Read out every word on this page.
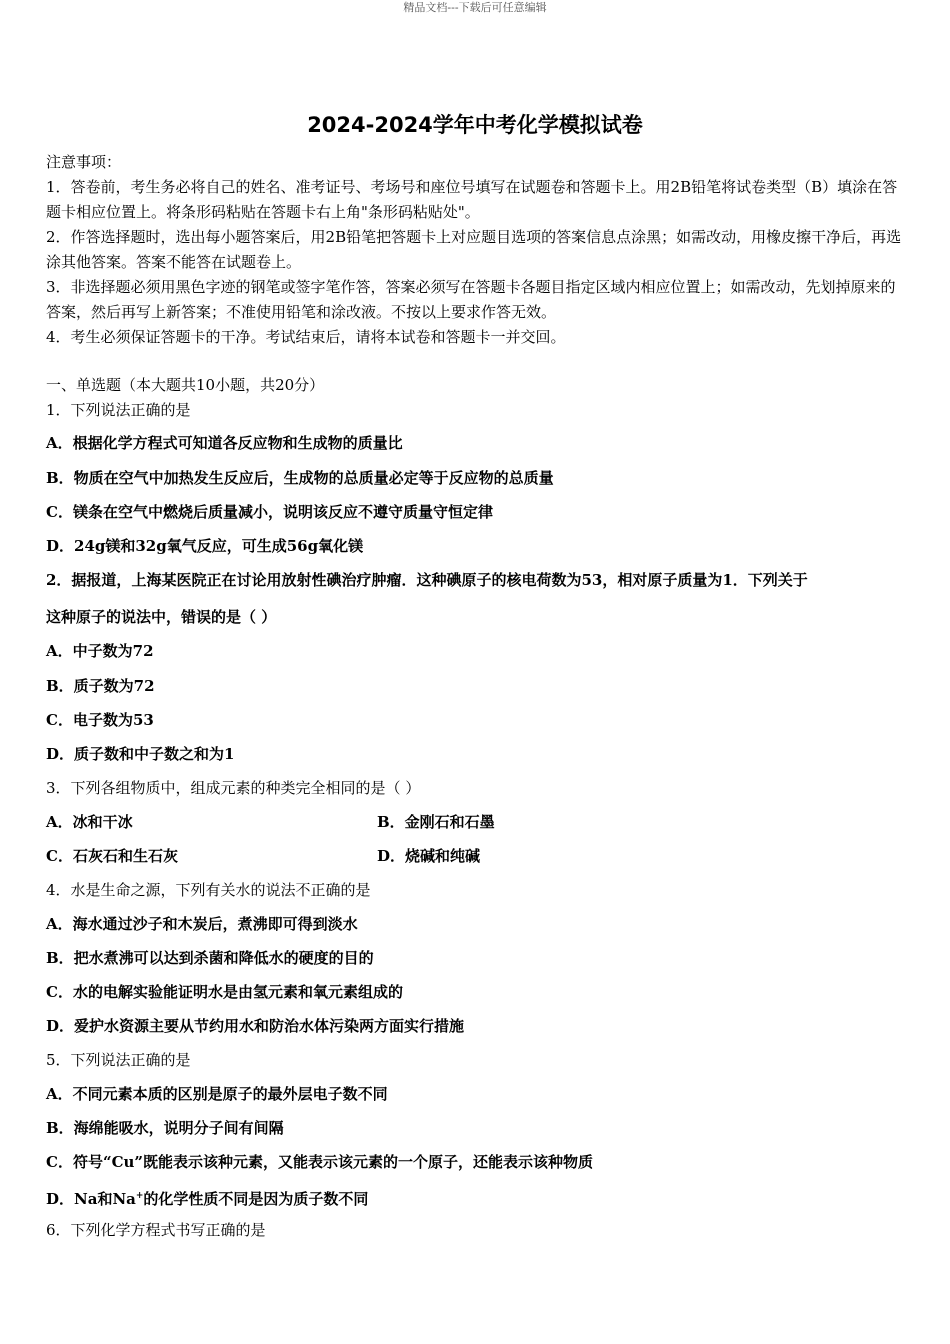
精品文档---下载后可任意编辑
2024-2024学年中考化学模拟试卷

注意事项：

1．答卷前，考生务必将自己的姓名、准考证号、考场号和座位号填写在试题卷和答题卡上。用2B铅笔将试卷类型（B）填涂在答题卡相应位置上。将条形码粘贴在答题卡右上角"条形码粘贴处"。

2．作答选择题时，选出每小题答案后，用2B铅笔把答题卡上对应题目选项的答案信息点涂黑；如需改动，用橡皮擦干净后，再选涂其他答案。答案不能答在试题卷上。

3．非选择题必须用黑色字迹的钢笔或签字笔作答，答案必须写在答题卡各题目指定区域内相应位置上；如需改动，先划掉原来的答案，然后再写上新答案；不准使用铅笔和涂改液。不按以上要求作答无效。

4．考生必须保证答题卡的干净。考试结束后，请将本试卷和答题卡一并交回。

一、单选题（本大题共10小题，共20分）
1．下列说法正确的是
A．根据化学方程式可知道各反应物和生成物的质量比
B．物质在空气中加热发生反应后，生成物的总质量必定等于反应物的总质量
C．镁条在空气中燃烧后质量减小，说明该反应不遵守质量守恒定律
D．24g镁和32g氧气反应，可生成56g氧化镁
2．据报道，上海某医院正在讨论用放射性碘治疗肿瘤．这种碘原子的核电荷数为53，相对原子质量为1．下列关于
这种原子的说法中，错误的是（ ）
A．中子数为72
B．质子数为72
C．电子数为53
D．质子数和中子数之和为1
3．下列各组物质中，组成元素的种类完全相同的是（ ）
A．冰和干冰	B．金刚石和石墨
C．石灰石和生石灰	D．烧碱和纯碱
4．水是生命之源，下列有关水的说法不正确的是
A．海水通过沙子和木炭后，煮沸即可得到淡水
B．把水煮沸可以达到杀菌和降低水的硬度的目的
C．水的电解实验能证明水是由氢元素和氧元素组成的
D．爱护水资源主要从节约用水和防治水体污染两方面实行措施
5．下列说法正确的是
A．不同元素本质的区别是原子的最外层电子数不同
B．海绵能吸水，说明分子间有间隔
C．符号“Cu”既能表示该种元素，又能表示该元素的一个原子，还能表示该种物质
D．Na和Na+的化学性质不同是因为质子数不同
6．下列化学方程式书写正确的是
